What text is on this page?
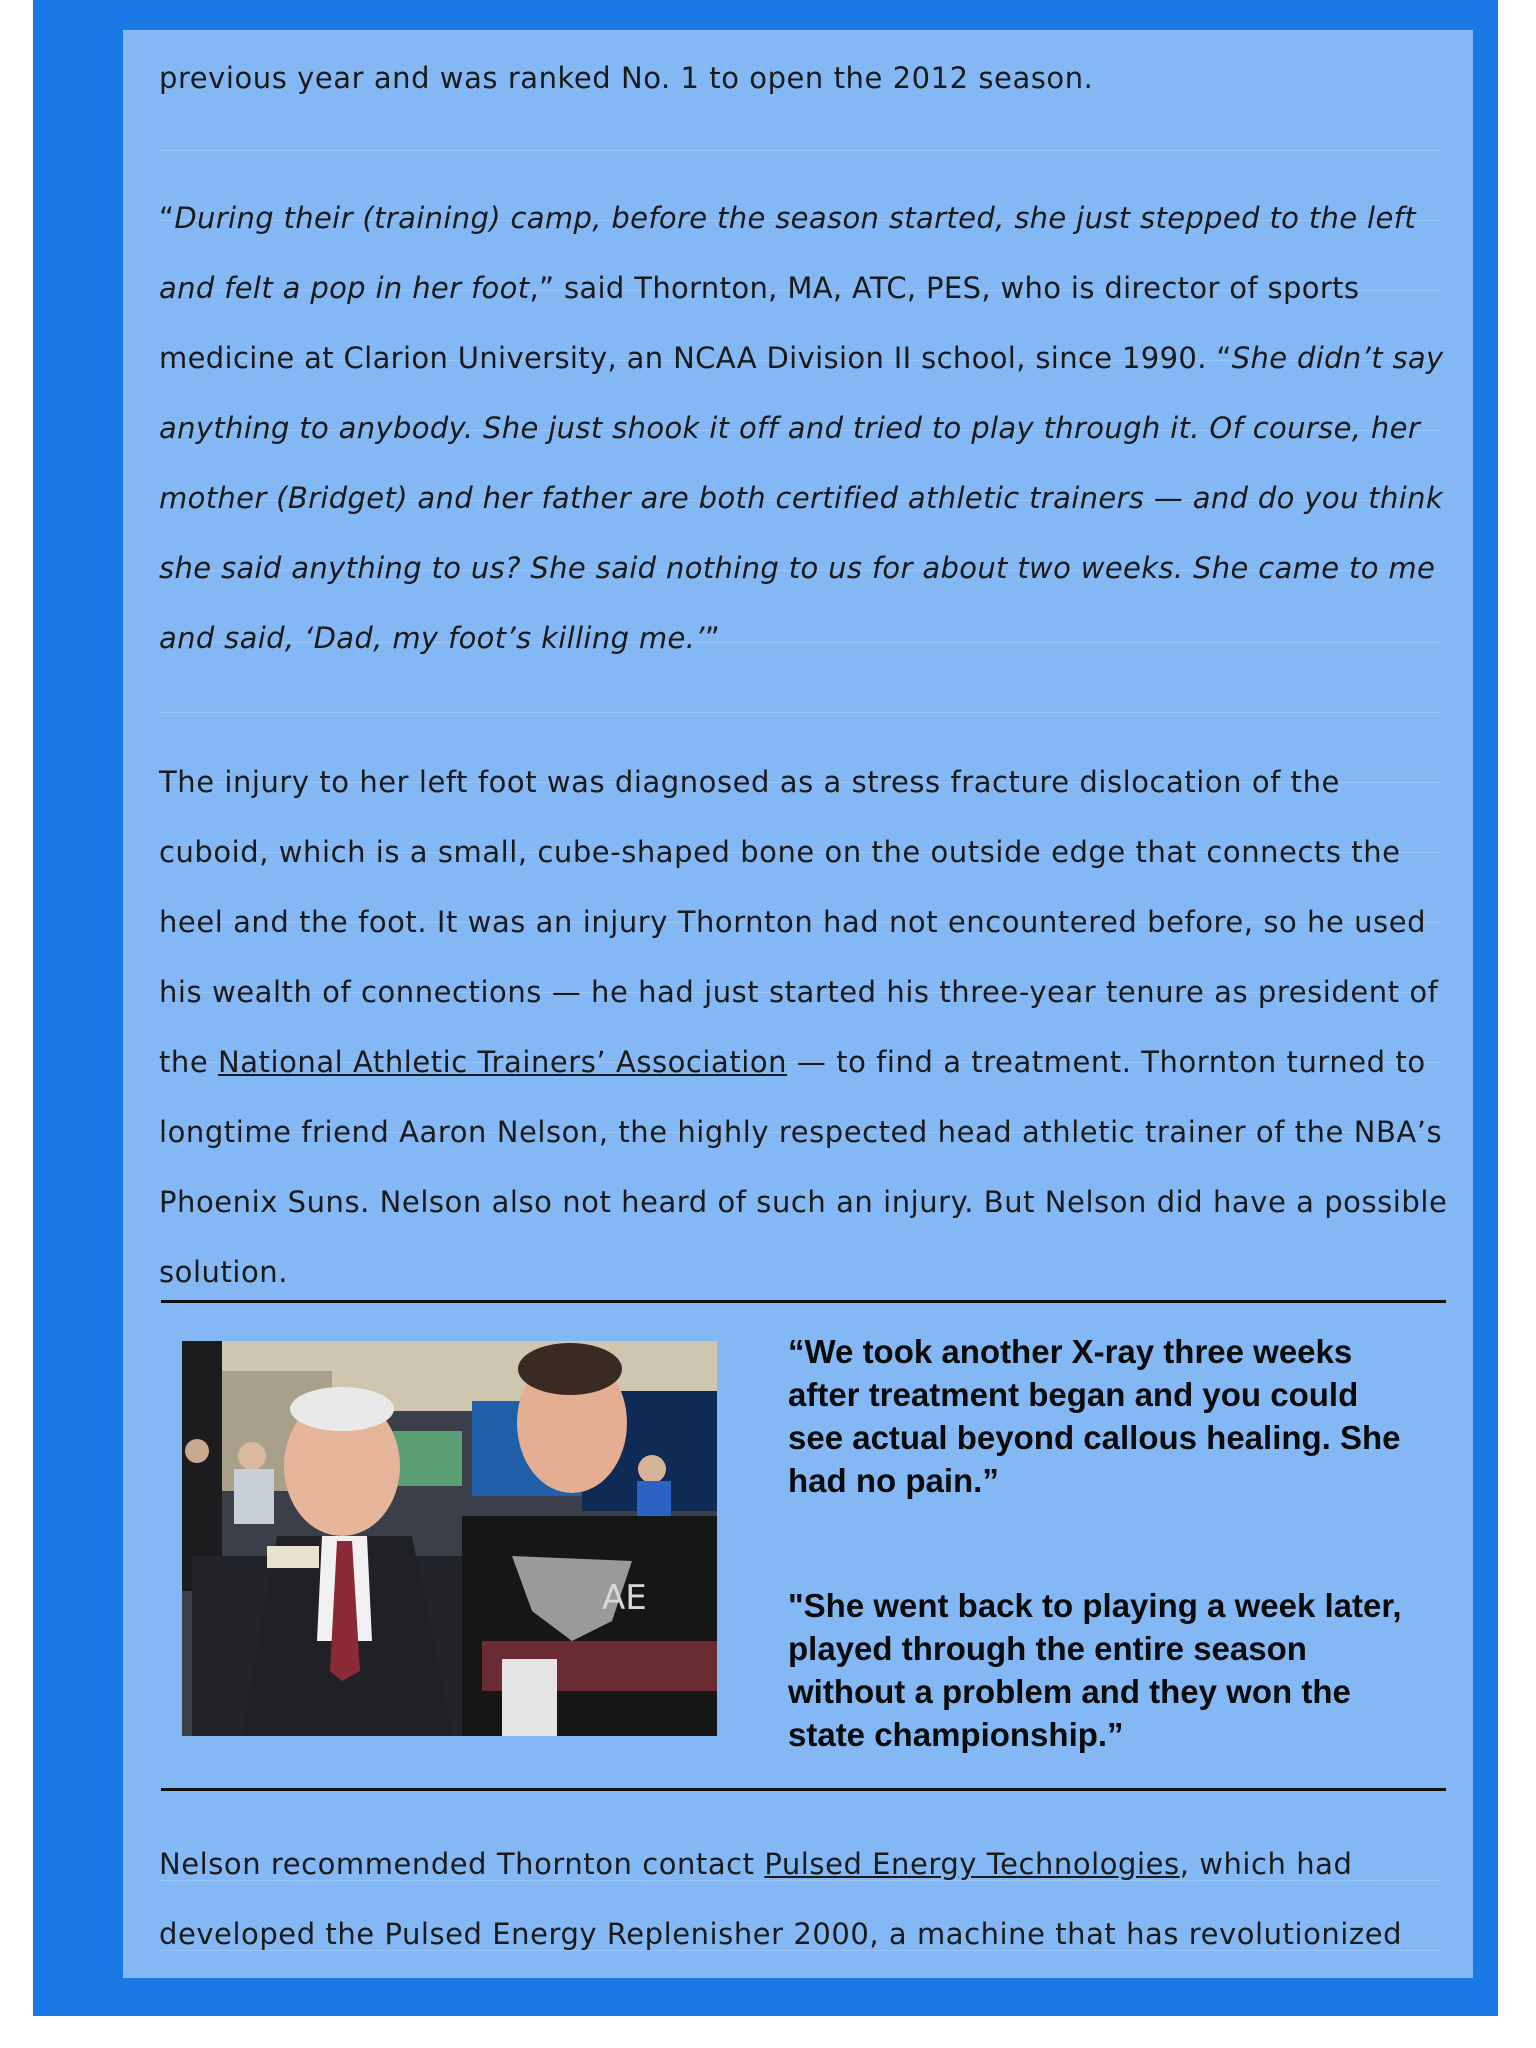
previous year and was ranked No. 1 to open the 2012 season.
“During their (training) camp, before the season started, she just stepped to the left
and felt a pop in her foot,” said Thornton, MA, ATC, PES, who is director of sports
medicine at Clarion University, an NCAA Division II school, since 1990. “She didn’t say
anything to anybody. She just shook it off and tried to play through it. Of course, her
mother (Bridget) and her father are both certified athletic trainers — and do you think
she said anything to us? She said nothing to us for about two weeks. She came to me
and said, ‘Dad, my foot’s killing me.’”
The injury to her left foot was diagnosed as a stress fracture dislocation of the
cuboid, which is a small, cube-shaped bone on the outside edge that connects the
heel and the foot. It was an injury Thornton had not encountered before, so he used
his wealth of connections — he had just started his three-year tenure as president of
the National Athletic Trainers’ Association — to find a treatment. Thornton turned to
longtime friend Aaron Nelson, the highly respected head athletic trainer of the NBA’s
Phoenix Suns. Nelson also not heard of such an injury. But Nelson did have a possible
solution.
AE
“We took another X-ray three weeks
after treatment began and you could
see actual beyond callous healing. She
had no pain.”
"She went back to playing a week later,
played through the entire season
without a problem and they won the
state championship.”
Nelson recommended Thornton contact Pulsed Energy Technologies, which had
developed the Pulsed Energy Replenisher 2000, a machine that has revolutionized
